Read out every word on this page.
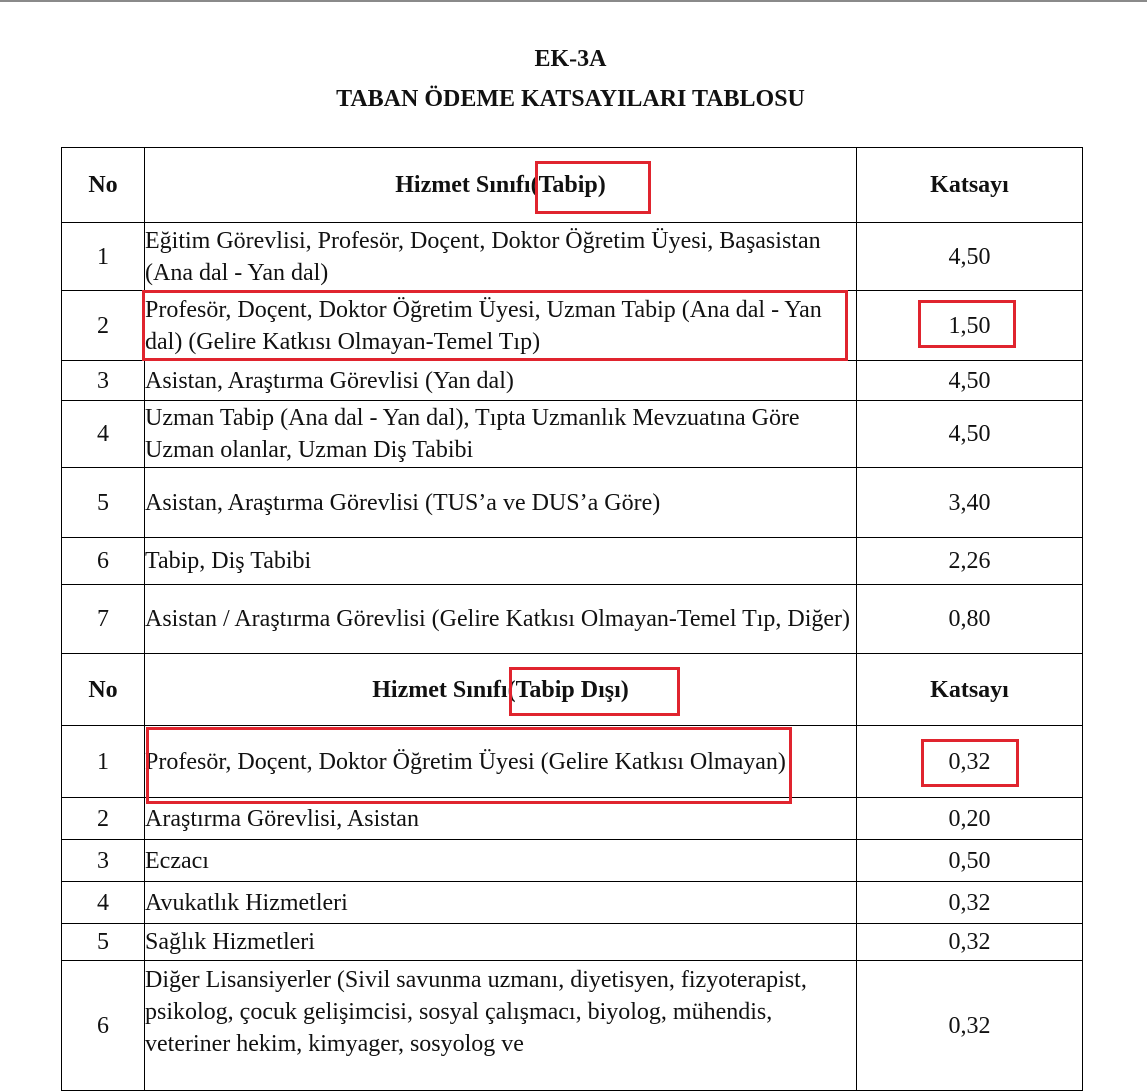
EK-3A
TABAN ÖDEME KATSAYILARI TABLOSU
No	Hizmet Sınıfı(Tabip)	Katsayı
1	Eğitim Görevlisi, Profesör, Doçent, Doktor Öğretim Üyesi, Başasistan (Ana dal - Yan dal)	4,50
2	Profesör, Doçent, Doktor Öğretim Üyesi, Uzman Tabip (Ana dal - Yan dal) (Gelire Katkısı Olmayan-Temel Tıp)	1,50
3	Asistan, Araştırma Görevlisi (Yan dal)	4,50
4	Uzman Tabip (Ana dal - Yan dal), Tıpta Uzmanlık Mevzuatına Göre Uzman olanlar, Uzman Diş Tabibi	4,50
5	Asistan, Araştırma Görevlisi (TUS’a ve DUS’a Göre)	3,40
6	Tabip, Diş Tabibi	2,26
7	Asistan / Araştırma Görevlisi (Gelire Katkısı Olmayan-Temel Tıp, Diğer)	0,80
No	Hizmet Sınıfı(Tabip Dışı)	Katsayı
1	Profesör, Doçent, Doktor Öğretim Üyesi (Gelire Katkısı Olmayan)	0,32
2	Araştırma Görevlisi, Asistan	0,20
3	Eczacı	0,50
4	Avukatlık Hizmetleri	0,32
5	Sağlık Hizmetleri	0,32
6	Diğer Lisansiyerler (Sivil savunma uzmanı, diyetisyen, fizyoterapist, psikolog, çocuk gelişimcisi, sosyal çalışmacı, biyolog, mühendis, veteriner hekim, kimyager, sosyolog ve	0,32
